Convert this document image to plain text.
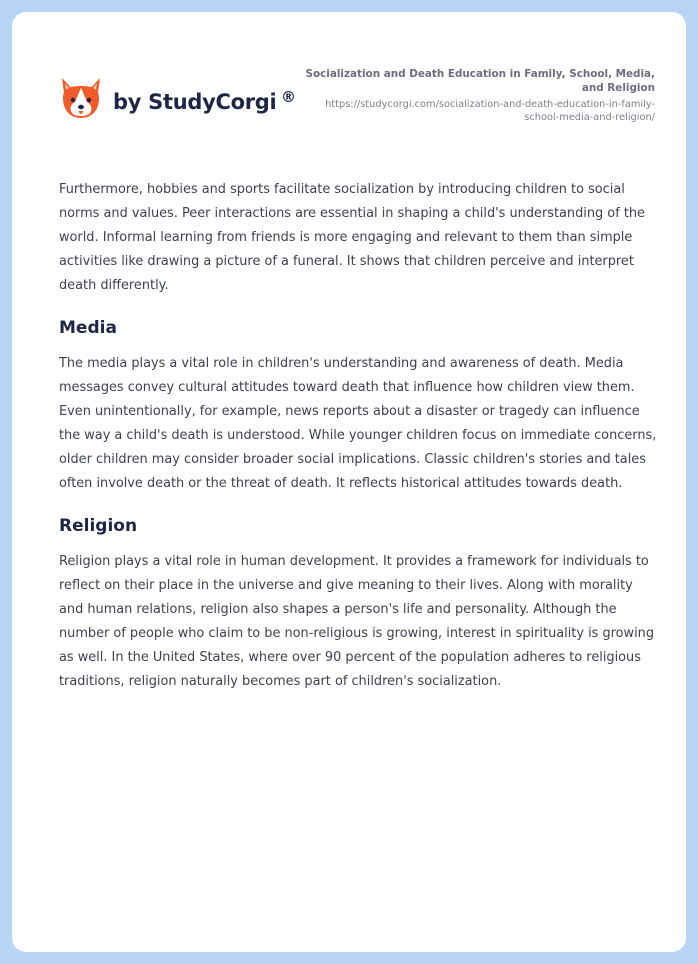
by StudyCorgi ®
Socialization and Death Education in Family, School, Media, and Religion
https://studycorgi.com/socialization-and-death-education-in-family-school-media-and-religion/

Furthermore, hobbies and sports facilitate socialization by introducing children to social norms and values. Peer interactions are essential in shaping a child's understanding of the world. Informal learning from friends is more engaging and relevant to them than simple activities like drawing a picture of a funeral. It shows that children perceive and interpret death differently.

Media

The media plays a vital role in children's understanding and awareness of death. Media messages convey cultural attitudes toward death that influence how children view them. Even unintentionally, for example, news reports about a disaster or tragedy can influence the way a child's death is understood. While younger children focus on immediate concerns, older children may consider broader social implications. Classic children's stories and tales often involve death or the threat of death. It reflects historical attitudes towards death.

Religion

Religion plays a vital role in human development. It provides a framework for individuals to reflect on their place in the universe and give meaning to their lives. Along with morality and human relations, religion also shapes a person's life and personality. Although the number of people who claim to be non-religious is growing, interest in spirituality is growing as well. In the United States, where over 90 percent of the population adheres to religious traditions, religion naturally becomes part of children's socialization.
